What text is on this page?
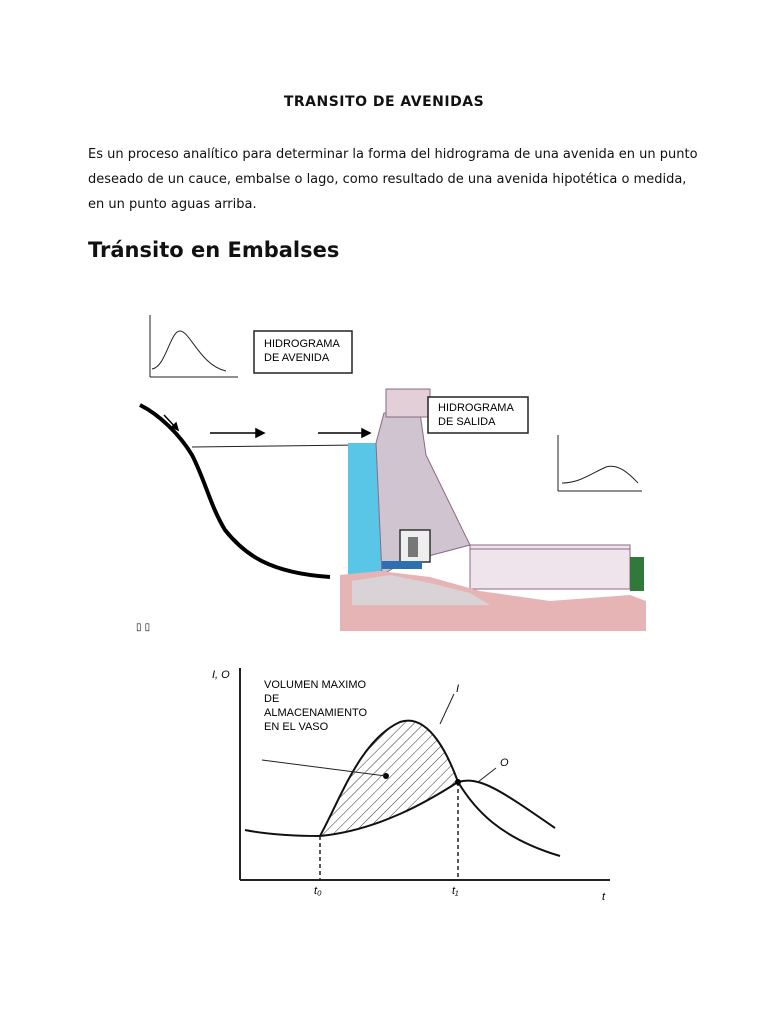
TRANSITO DE AVENIDAS
Es un proceso analítico para determinar la forma del hidrograma de una avenida en un punto deseado de un cauce, embalse o lago, como resultado de una avenida hipotética o medida, en un punto aguas arriba.
Tránsito en Embalses
HIDROGRAMA
DE AVENIDA
HIDROGRAMA
DE SALIDA
▯ ▯
I, O
t
t₀	t₁
VOLUMEN MAXIMO
DE
ALMACENAMIENTO
EN EL VASO
I
O
